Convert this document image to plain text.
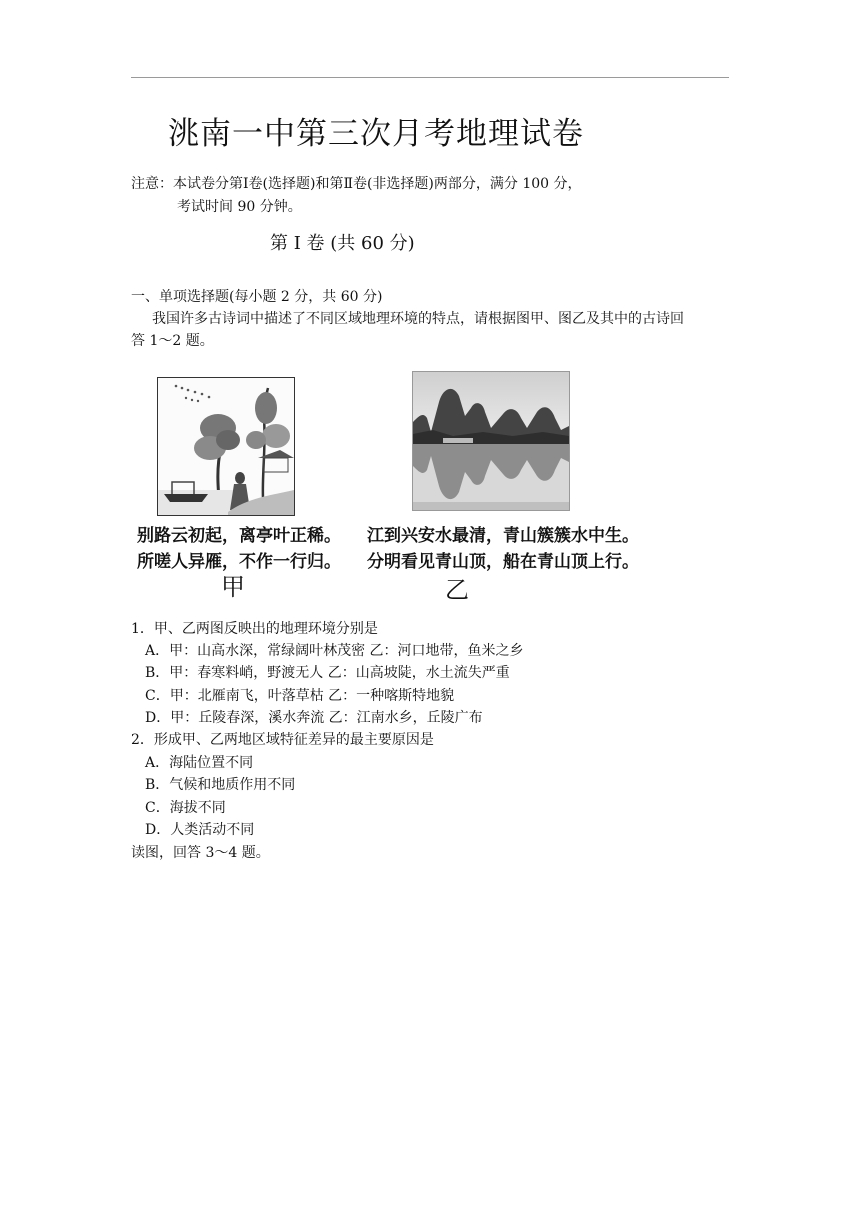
洮南一中第三次月考地理试卷
注意：本试卷分第Ⅰ卷(选择题)和第Ⅱ卷(非选择题)两部分，满分 100 分，
考试时间 90 分钟。
第 Ⅰ 卷 (共 60 分)
一、单项选择题(每小题 2 分，共 60 分)
我国许多古诗词中描述了不同区域地理环境的特点，请根据图甲、图乙及其中的古诗回
答 1～2 题。
别路云初起，离亭叶正稀。
所嗟人异雁，不作一行归。
甲
江到兴安水最清，青山簇簇水中生。
分明看见青山顶，船在青山顶上行。
乙
1．甲、乙两图反映出的地理环境分别是
A．甲：山高水深，常绿阔叶林茂密 乙：河口地带，鱼米之乡
B．甲：春寒料峭，野渡无人 乙：山高坡陡，水土流失严重
C．甲：北雁南飞，叶落草枯 乙：一种喀斯特地貌
D．甲：丘陵春深，溪水奔流 乙：江南水乡，丘陵广布
2．形成甲、乙两地区域特征差异的最主要原因是
A．海陆位置不同
B．气候和地质作用不同
C．海拔不同
D．人类活动不同
读图，回答 3～4 题。
